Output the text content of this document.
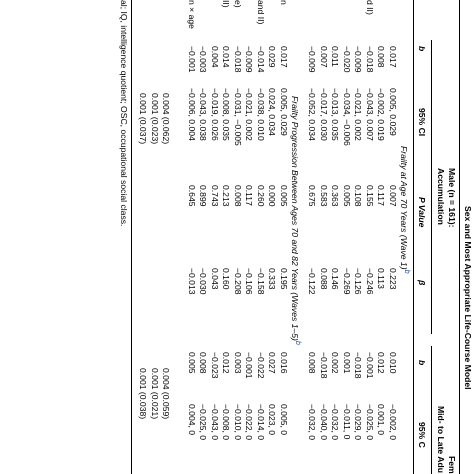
Sex and Most Appropriate Life-Course Model
Male (n = 161):
Accumulation
Fem
Mid- to Late Adu
b
95% CI
P Value
β
b
95% C
Frailty at Age 70 Years (Wave 1)$^b$
Frailty Progression Between Ages 70 and 82 Years (Waves 1–5)$^b$
0.017
0.005, 0.029
0.007
0.223
0.010
−0.002, 0
0.008
−0.002, 0.019
0.117
0.113
0.012
0.001, 0
d II)
−0.018
−0.043, 0.007
0.155
−0.246
−0.001
−0.025, 0
−0.009
−0.021, 0.002
0.108
−0.126
−0.018
−0.029, 0
−0.020
−0.034, −0.006
0.005
−0.269
0.001
−0.011, 0
0.011
−0.013, 0.035
0.363
0.146
0.002
−0.032, 0
0.007
−0.017, 0.030
0.583
0.088
−0.018
−0.040, 0
−0.009
−0.052, 0.034
0.675
−0.122
0.008
−0.032, 0
n
0.017
0.005, 0.029
0.005
0.195
0.016
0.005, 0
0.029
0.024, 0.034
0.000
0.333
0.027
0.023, 0
and II)
−0.014
−0.038, 0.010
0.260
−0.158
−0.022
−0.014, 0
−0.009
−0.021, 0.002
0.117
−0.106
−0.001
−0.022, 0
e)
−0.018
−0.031, −0.005
0.008
−0.208
0.003
−0.010, 0
II)
0.014
−0.008, 0.035
0.213
0.160
0.012
−0.008, 0
0.004
−0.019, 0.026
0.743
0.043
−0.023
−0.043, 0
−0.003
−0.043, 0.038
0.899
−0.030
0.008
−0.025, 0
n × age
−0.001
−0.006, 0.004
0.645
−0.013
0.005
0.004, 0
0.004 (0.062)
0.001 (0.023)
0.001 (0.037)
0.004 (0.059)
0.001 (0.021)
0.001 (0.038)
al; IQ, intelligence quotient; OSC, occupational social class.
